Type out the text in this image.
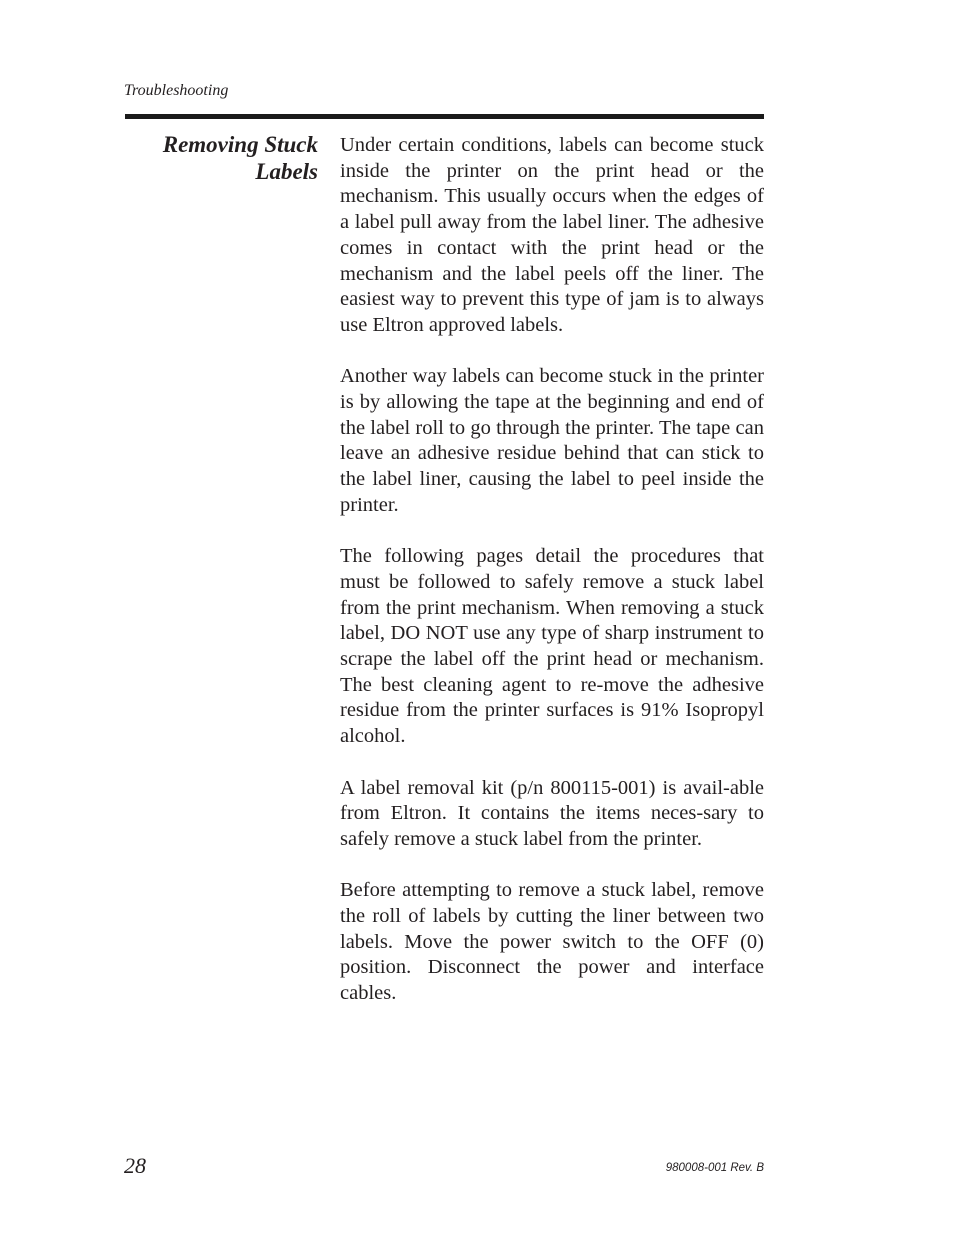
Troubleshooting
Removing Stuck
Labels

Under certain conditions, labels can become stuck inside the printer on the print head or the mechanism. This usually occurs when the edges of a label pull away from the label liner. The adhesive comes in contact with the print head or the mechanism and the label peels off the liner. The easiest way to prevent this type of jam is to always use Eltron approved labels.

Another way labels can become stuck in the printer is by allowing the tape at the beginning and end of the label roll to go through the printer. The tape can leave an adhesive residue behind that can stick to the label liner, causing the label to peel inside the printer.

The following pages detail the procedures that must be followed to safely remove a stuck label from the print mechanism. When removing a stuck label, DO NOT use any type of sharp instrument to scrape the label off the print head or mechanism. The best cleaning agent to re-move the adhesive residue from the printer surfaces is 91% Isopropyl alcohol.

A label removal kit (p/n 800115-001) is avail-able from Eltron. It contains the items neces-sary to safely remove a stuck label from the printer.

Before attempting to remove a stuck label, remove the roll of labels by cutting the liner between two labels. Move the power switch to the OFF (0) position. Disconnect the power and interface cables.

28	980008-001 Rev. B
